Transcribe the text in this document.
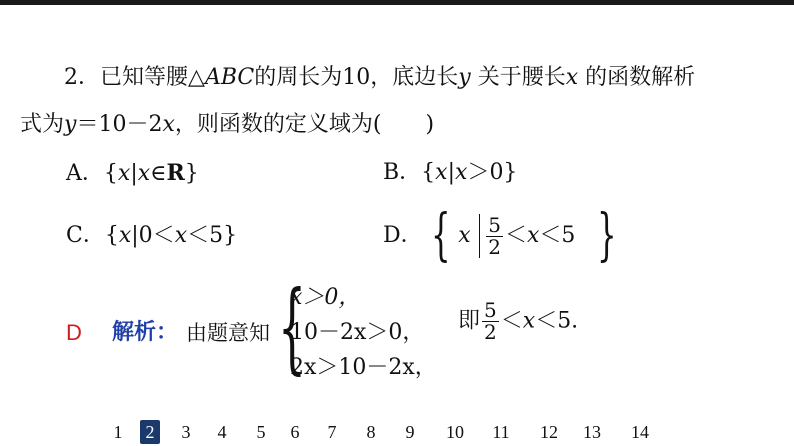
2．已知等腰△ABC的周长为10，底边长y 关于腰长x 的函数解析
式为y＝10－2x，则函数的定义域为(　　)
A．{x|x∈R}	B．{x|x＞0}
C．{x|0＜x＜5}	D． { x $\frac{5}{2} <x<5$ }
D 解析： 由题意知 {
x＞0，
10－2x＞0，
2x＞10－2x，
即 $\frac{5}{2} <x<5$.
1	2	3	4	5	6	7	8	9	10 11 12 13 14
